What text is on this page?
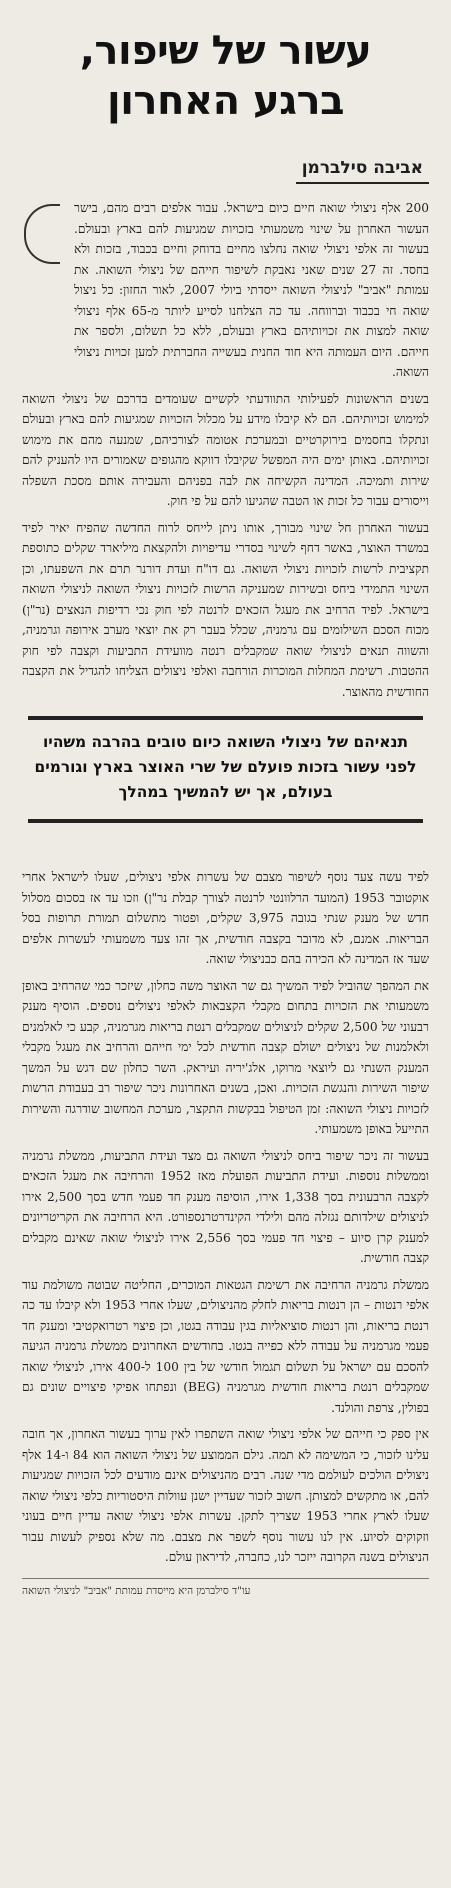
עשור של שיפור,
ברגע האחרון
אביבה סילברמן

200 אלף ניצולי שואה חיים כיום בישראל. עבור אלפים רבים מהם, בישר העשור האחרון על שינוי משמעותי בזכויות שמגיעות להם בארץ ובעולם. בעשור זה אלפי ניצולי שואה נחלצו מחיים בדוחק וחיים בכבוד, בזכות ולא בחסד. זה 27 שנים שאני נאבקת לשיפור חייהם של ניצולי השואה. את עמותת "אביב" לניצולי השואה ייסדתי ביולי 2007, לאור החזון: כל ניצול שואה חי בכבוד וברווחה. עד כה הצלחנו לסייע ליותר מ-65 אלף ניצולי שואה למצות את זכויותיהם בארץ ובעולם, ללא כל תשלום, ולספר את חייהם. היום העמותה היא חוד החנית בעשייה החברתית למען זכויות ניצולי השואה.

בשנים הראשונות לפעילותי התוודעתי לקשיים שעומדים בדרכם של ניצולי השואה למימוש זכויותיהם. הם לא קיבלו מידע על מכלול הזכויות שמגיעות להם בארץ ובעולם ונתקלו בחסמים בירוקרטיים ובמערכת אטומה לצורכיהם, שמנעה מהם את מימוש זכויותיהם. באותן ימים היה המפשל שקיבלו דווקא מהגופים שאמורים היו להעניק להם שירות ותמיכה. המדינה הקשיחה את לבה בפניהם והעבירה אותם מסכת השפלה וייסורים עבור כל זכות או הטבה שהגיעו להם על פי חוק.

בעשור האחרון חל שינוי מבורך, אותו ניתן לייחס לרוח החדשה שהפיח יאיר לפיד במשרד האוצר, באשר דחף לשינוי בסדרי עדיפויות ולהקצאת מיליארד שקלים כתוספת תקציבית לרשות לזכויות ניצולי השואה. גם דו"ח ועדת דורנר תרם את השפעתו, וכן השינוי התמידי ביחס ובשירות שמעניקה הרשות לזכויות ניצולי השואה לניצולי השואה בישראל. לפיד הרחיב את מעגל הזכאים לרנטה לפי חוק נכי רדיפות הנאצים (נר"ן) מכוח הסכם השילומים עם גרמניה, שכלל בעבר רק את יוצאי מערב אירופה וגרמניה, והשווה תנאים לניצולי שואה שמקבלים רנטה מוועידת התביעות וקצבה לפי חוק ההטבות. רשימת המחלות המוכרות הורחבה ואלפי ניצולים הצליחו להגדיל את הקצבה החודשית מהאוצר.

תנאיהם של ניצולי השואה כיום טובים בהרבה משהיו לפני עשור בזכות פועלם של שרי האוצר בארץ וגורמים בעולם, אך יש להמשיך במהלך

לפיד עשה צעד נוסף לשיפור מצבם של עשרות אלפי ניצולים, שעלו לישראל אחרי אוקטובר 1953 (המועד הרלוונטי לרנטה לצורך קבלת נר"ן) וזכו עד אז בסכום מסלול חדש של מענק שנתי בגובה 3,975 שקלים, ופטור מתשלום תמורת תרופות בסל הבריאות. אמנם, לא מדובר בקצבה חודשית, אך זהו צעד משמעותי לעשרות אלפים שעד אז המדינה לא הכירה בהם כבניצולי שואה.

את המהפך שהוביל לפיד המשיך גם שר האוצר משה כחלון, שיזכר כמי שהרחיב באופן משמעותי את הזכויות בתחום מקבלי הקצבאות לאלפי ניצולים נוספים. הוסיף מענק רבעוני של 2,500 שקלים לניצולים שמקבלים רנטת בריאות מגרמניה, קבע כי לאלמנים ולאלמנות של ניצולים ישולם קצבה חודשית לכל ימי חייהם והרחיב את מעגל מקבלי המענק השנתי גם ליוצאי מרוקו, אלג'יריה ועיראק. השר כחלון שם דגש על המשך שיפור השירות והנגשת הזכויות. ואכן, בשנים האחרונות ניכר שיפור רב בעבודת הרשות לזכויות ניצולי השואה: זמן הטיפול בבקשות התקצר, מערכת המחשוב שודרגה והשירות התייעל באופן משמעותי.

בעשור זה ניכר שיפור ביחס לניצולי השואה גם מצד ועידת התביעות, ממשלת גרמניה וממשלות נוספות. ועידת התביעות הפועלת מאז 1952 והרחיבה את מעגל הזכאים לקצבה הרבעונית בסך 1,338 אירו, הוסיפה מענק חד פעמי חדש בסך 2,500 אירו לניצולים שילדותם נגזלה מהם ולילדי הקינדרטרנספורט. היא הרחיבה את הקריטריונים למענק קרן סיוע – פיצוי חד פעמי בסך 2,556 אירו לניצולי שואה שאינם מקבלים קצבה חודשית.

ממשלת גרמניה הרחיבה את רשימת הגטאות המוכרים, החליטה שבוטה משולמת עוד אלפי רנטות – הן רנטות בריאות לחלק מהניצולים, שעלו אחרי 1953 ולא קיבלו עד כה רנטת בריאות, והן רנטות סוציאליות בגין עבודה בגטו, וכן פיצוי רטרואקטיבי ומענק חד פעמי מגרמניה על עבודה ללא כפייה בגטו. בחודשים האחרונים ממשלת גרמניה הגיעה להסכם עם ישראל על תשלום תגמול חודשי של בין 100 ל-400 אירו, לניצולי שואה שמקבלים רנטת בריאות חודשית מגרמניה (BEG) ונפתחו אפיקי פיצויים שונים גם בפולין, צרפת והולנד.

אין ספק כי חייהם של אלפי ניצולי שואה השתפרו לאין ערוך בעשור האחרון, אך חובה עלינו לזכור, כי המשימה לא תמה. גילם הממוצע של ניצולי השואה הוא 84 ו-14 אלף ניצולים הולכים לעולמם מדי שנה. רבים מהניצולים אינם מודעים לכל הזכויות שמגיעות להם, או מתקשים למצותן. חשוב לזכור שעדיין ישנן עוולות היסטוריות כלפי ניצולי שואה שעלו לארץ אחרי 1953 שצריך לתקן. עשרות אלפי ניצולי שואה עדיין חיים בעוני וזקוקים לסיוע. אין לנו עשור נוסף לשפר את מצבם. מה שלא נספיק לעשות עבור הניצולים בשנה הקרובה ייזכר לנו, כחברה, לדיראון עולם.

עו"ד סילברמן היא מייסדת עמותת "אביב" לניצולי השואה
